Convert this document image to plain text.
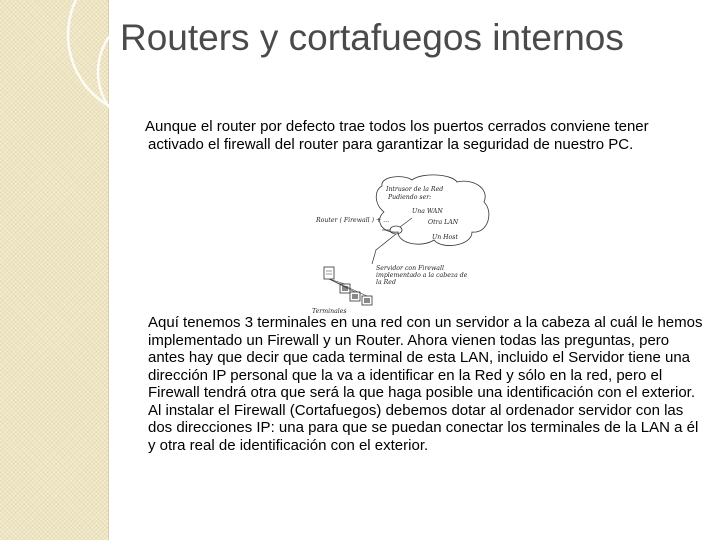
Routers y cortafuegos internos

Aunque el router por defecto trae todos los puertos cerrados conviene tener activado el firewall del router para garantizar la seguridad de nuestro PC.

Intrusor de la Red
Pudiendo ser:
Una WAN
Otra LAN
Un Host
Router ( Firewall ) + ...
Servidor con Firewall
implementado a la cabeza de
la Red
Terminales

Aquí tenemos 3 terminales en una red con un servidor a la cabeza al cuál le hemos implementado un Firewall y un Router. Ahora vienen todas las preguntas, pero antes hay que decir que cada terminal de esta LAN, incluido el Servidor tiene una dirección IP personal que la va a identificar en la Red y sólo en la red, pero el Firewall tendrá otra que será la que haga posible una identificación con el exterior. Al instalar el Firewall (Cortafuegos) debemos dotar al ordenador servidor con las dos direcciones IP: una para que se puedan conectar los terminales de la LAN a él y otra real de identificación con el exterior.
